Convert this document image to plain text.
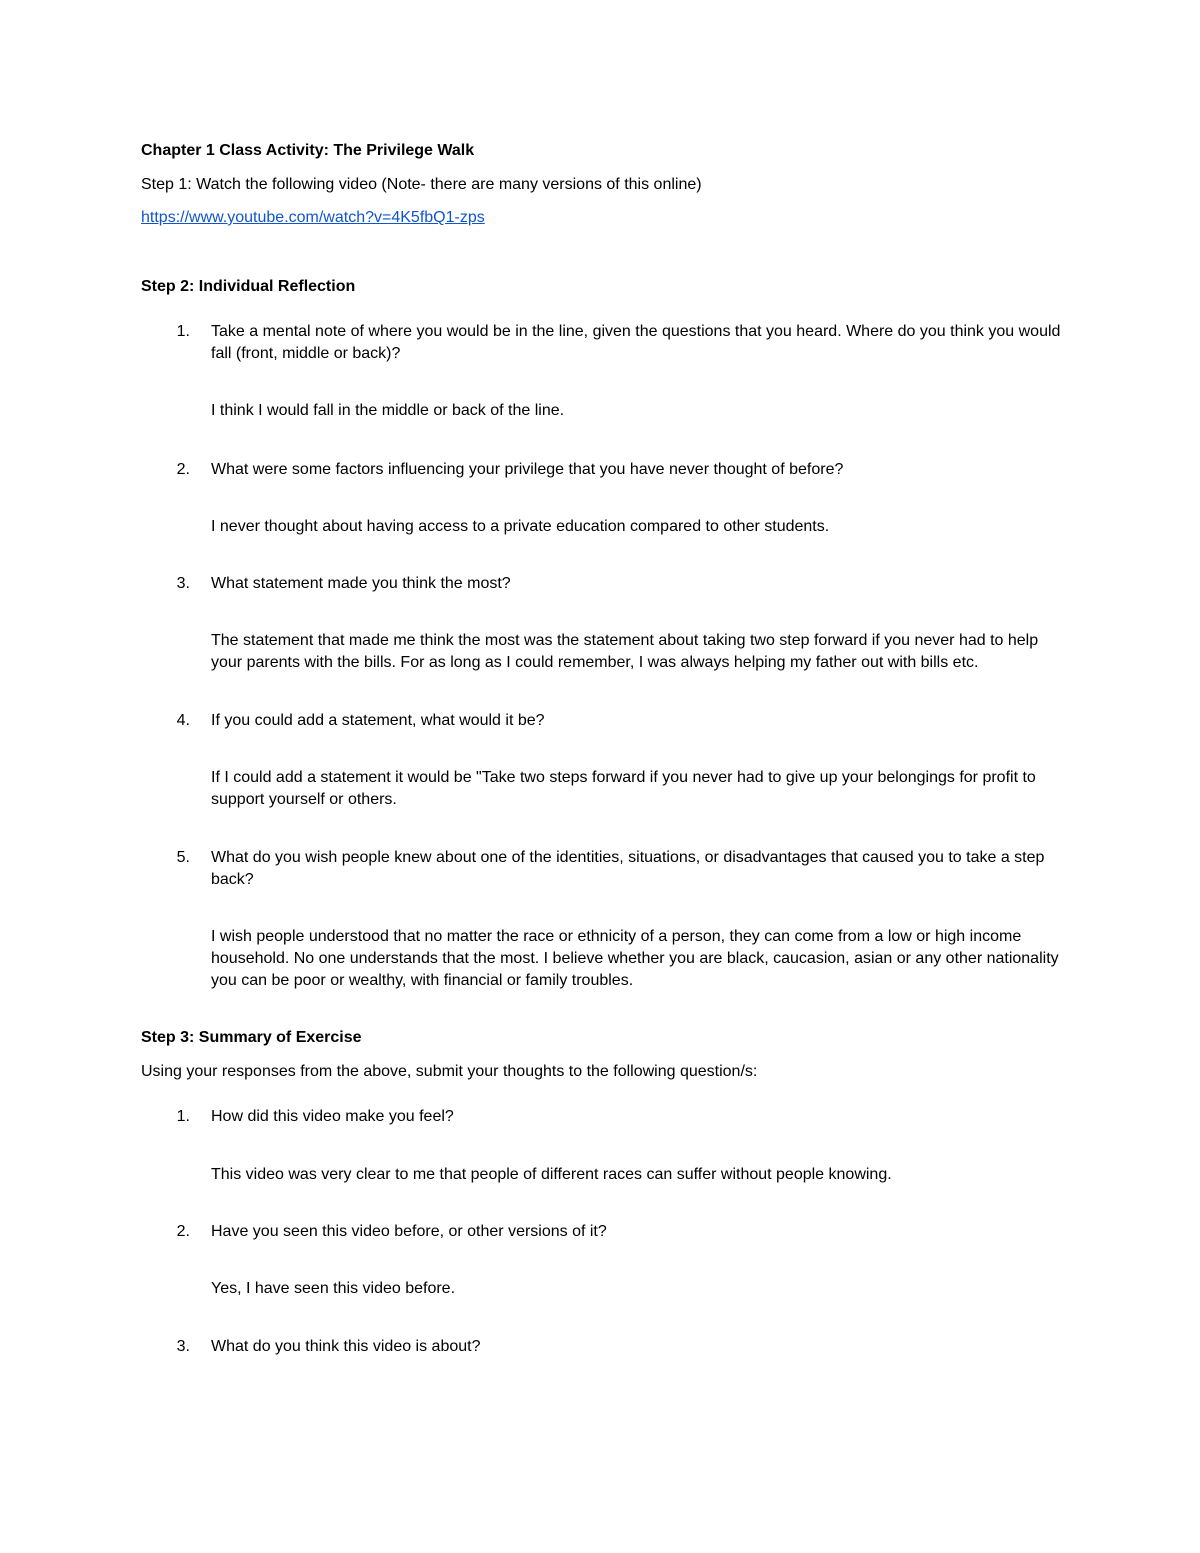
Chapter 1 Class Activity: The Privilege Walk
Step 1: Watch the following video (Note- there are many versions of this online)
https://www.youtube.com/watch?v=4K5fbQ1-zps
Step 2: Individual Reflection
1. Take a mental note of where you would be in the line, given the questions that you heard. Where do you think you would fall (front, middle or back)?
I think I would fall in the middle or back of the line.
2. What were some factors influencing your privilege that you have never thought of before?
I never thought about having access to a private education compared to other students.
3. What statement made you think the most?
The statement that made me think the most was the statement about taking two step forward if you never had to help your parents with the bills. For as long as I could remember, I was always helping my father out with bills etc.
4. If you could add a statement, what would it be?
If I could add a statement it would be "Take two steps forward if you never had to give up your belongings for profit to support yourself or others.
5. What do you wish people knew about one of the identities, situations, or disadvantages that caused you to take a step back?
I wish people understood that no matter the race or ethnicity of a person, they can come from a low or high income household. No one understands that the most. I believe whether you are black, caucasion, asian or any other nationality you can be poor or wealthy, with financial or family troubles.
Step 3: Summary of Exercise
Using your responses from the above, submit your thoughts to the following question/s:
1. How did this video make you feel?
This video was very clear to me that people of different races can suffer without people knowing.
2. Have you seen this video before, or other versions of it?
Yes, I have seen this video before.
3. What do you think this video is about?
